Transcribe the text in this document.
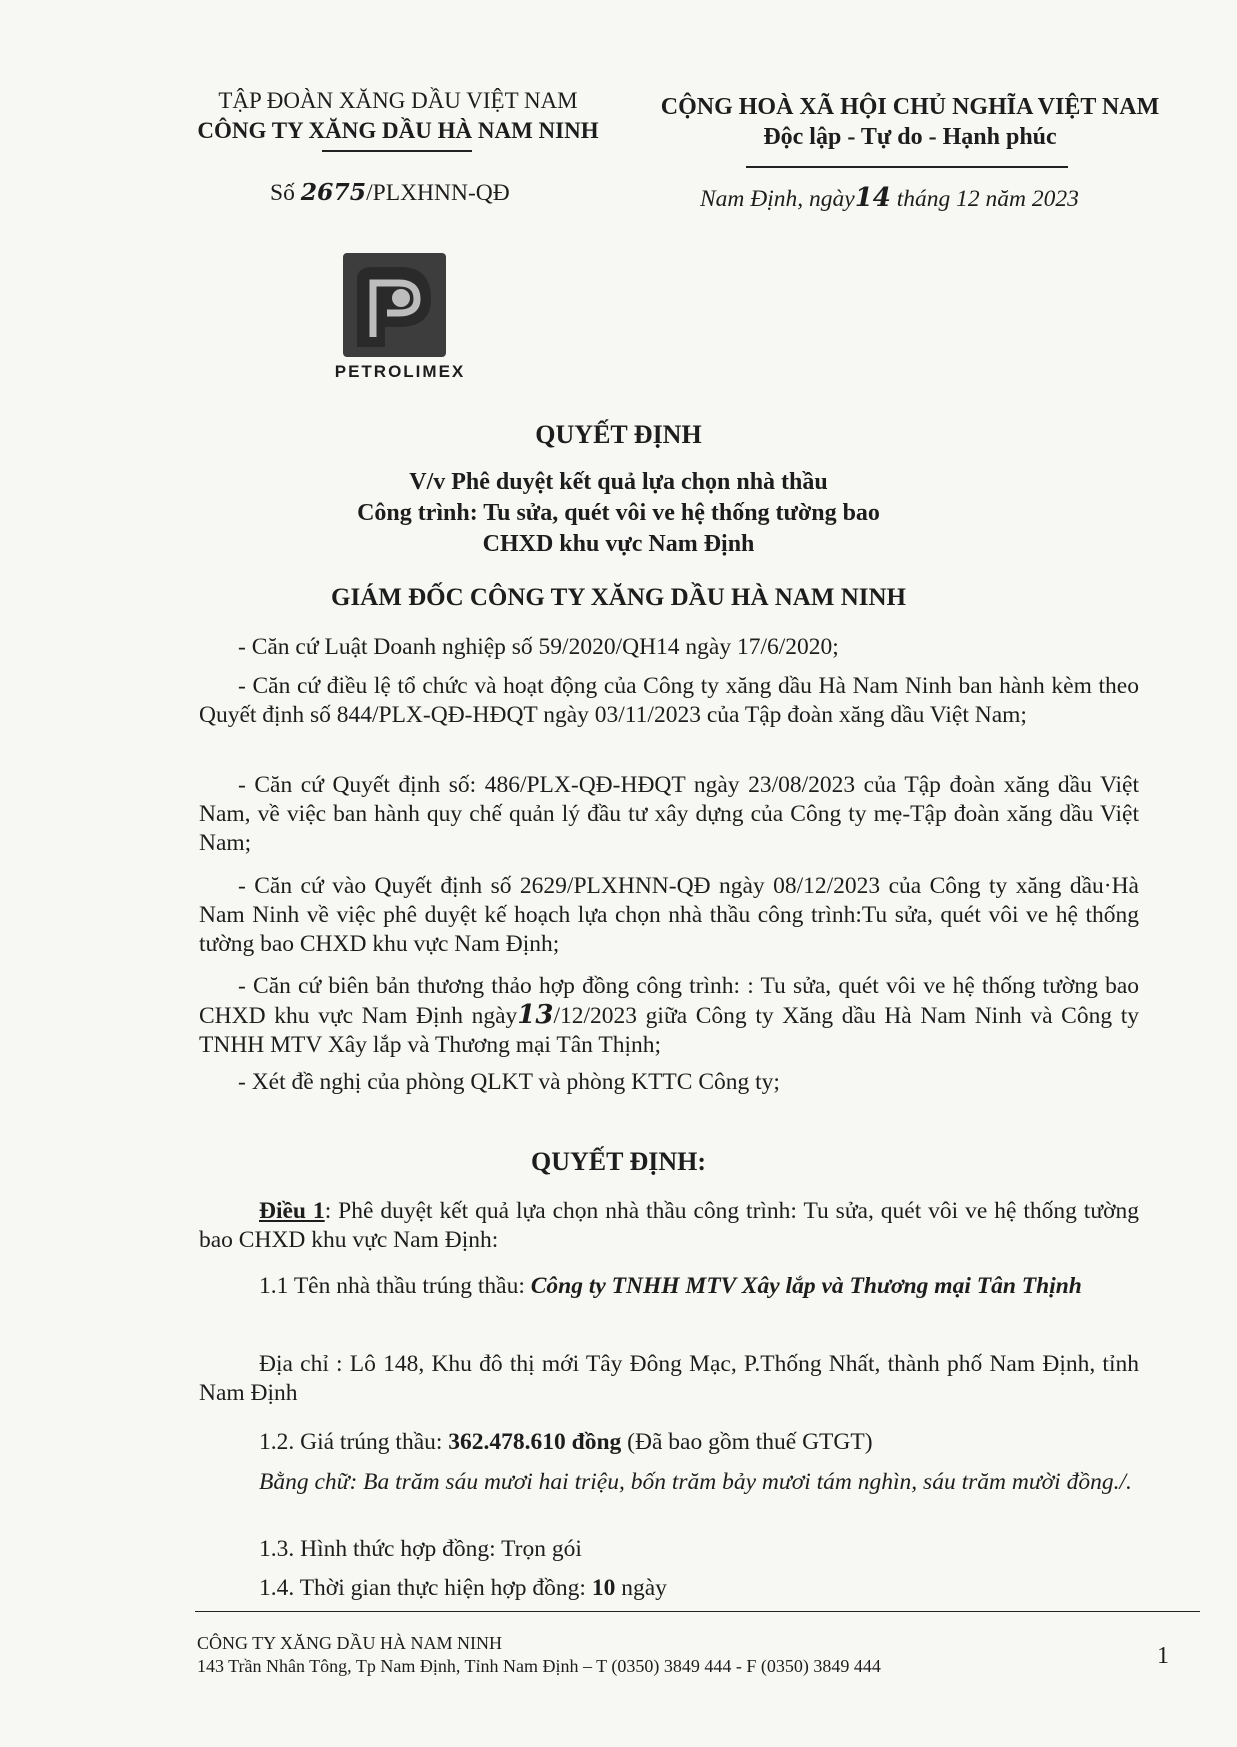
TẬP ĐOÀN XĂNG DẦU VIỆT NAM
CÔNG TY XĂNG DẦU HÀ NAM NINH
CỘNG HOÀ XÃ HỘI CHỦ NGHĨA VIỆT NAM
Độc lập - Tự do - Hạnh phúc
Số 2675/PLXHNN-QĐ	Nam Định, ngày14 tháng 12 năm 2023
PETROLIMEX
QUYẾT ĐỊNH
V/v Phê duyệt kết quả lựa chọn nhà thầu
Công trình: Tu sửa, quét vôi ve hệ thống tường bao
CHXD khu vực Nam Định
GIÁM ĐỐC CÔNG TY XĂNG DẦU HÀ NAM NINH
- Căn cứ Luật Doanh nghiệp số 59/2020/QH14 ngày 17/6/2020;
- Căn cứ điều lệ tổ chức và hoạt động của Công ty xăng dầu Hà Nam Ninh ban hành kèm theo Quyết định số 844/PLX-QĐ-HĐQT ngày 03/11/2023 của Tập đoàn xăng dầu Việt Nam;
- Căn cứ Quyết định số: 486/PLX-QĐ-HĐQT ngày 23/08/2023 của Tập đoàn xăng dầu Việt Nam, về việc ban hành quy chế quản lý đầu tư xây dựng của Công ty mẹ-Tập đoàn xăng dầu Việt Nam;
- Căn cứ vào Quyết định số 2629/PLXHNN-QĐ ngày 08/12/2023 của Công ty xăng dầu·Hà Nam Ninh về việc phê duyệt kế hoạch lựa chọn nhà thầu công trình:Tu sửa, quét vôi ve hệ thống tường bao CHXD khu vực Nam Định;
- Căn cứ biên bản thương thảo hợp đồng công trình: : Tu sửa, quét vôi ve hệ thống tường bao CHXD khu vực Nam Định ngày13/12/2023 giữa Công ty Xăng dầu Hà Nam Ninh và Công ty TNHH MTV Xây lắp và Thương mại Tân Thịnh;
- Xét đề nghị của phòng QLKT và phòng KTTC Công ty;
QUYẾT ĐỊNH:
Điều 1: Phê duyệt kết quả lựa chọn nhà thầu công trình: Tu sửa, quét vôi ve hệ thống tường bao CHXD khu vực Nam Định:
1.1 Tên nhà thầu trúng thầu: Công ty TNHH MTV Xây lắp và Thương mại Tân Thịnh
Địa chỉ : Lô 148, Khu đô thị mới Tây Đông Mạc, P.Thống Nhất, thành phố Nam Định, tỉnh Nam Định
1.2. Giá trúng thầu: 362.478.610 đồng (Đã bao gồm thuế GTGT)
Bằng chữ: Ba trăm sáu mươi hai triệu, bốn trăm bảy mươi tám nghìn, sáu trăm mười đồng./.
1.3. Hình thức hợp đồng: Trọn gói
1.4. Thời gian thực hiện hợp đồng: 10 ngày
CÔNG TY XĂNG DẦU HÀ NAM NINH
143 Trần Nhân Tông, Tp Nam Định, Tỉnh Nam Định – T (0350) 3849 444 - F (0350) 3849 444	1
